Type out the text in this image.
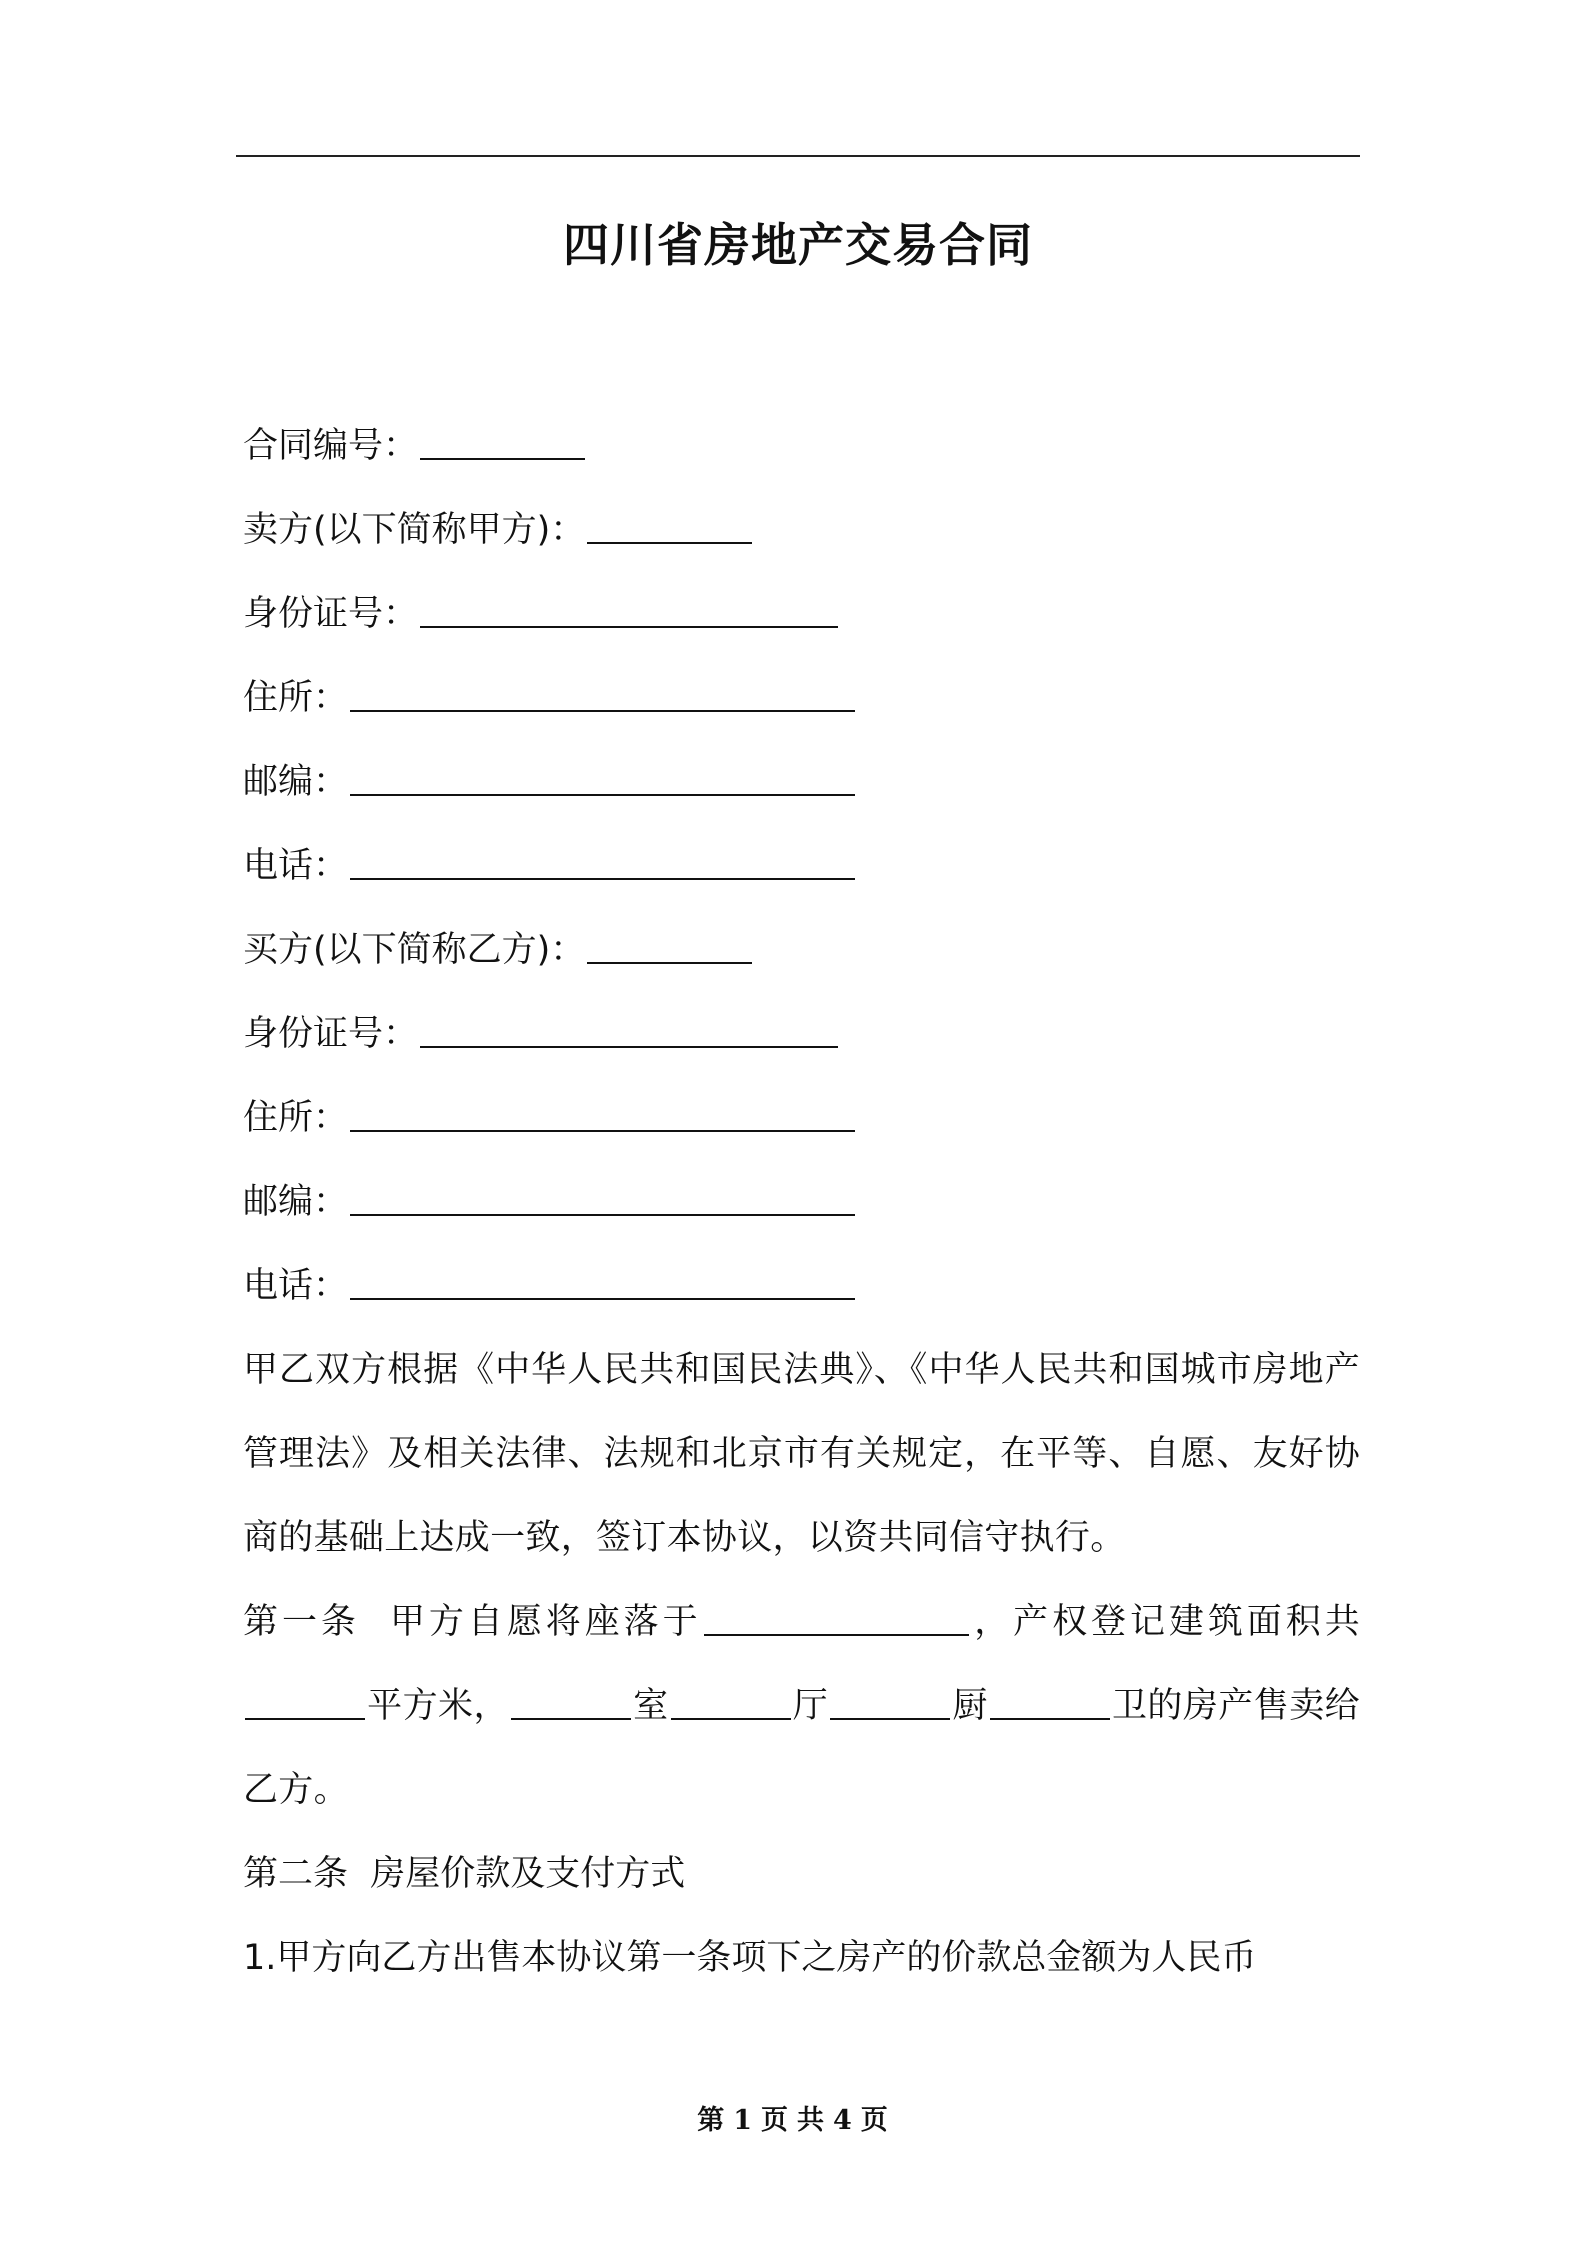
四川省房地产交易合同
合同编号：
卖方(以下简称甲方)：
身份证号：
住所：
邮编：
电话：
买方(以下简称乙方)：
身份证号：
住所：
邮编：
电话：
甲乙双方根据《中华人民共和国民法典》、《中华人民共和国城市房地产管理法》及相关法律、法规和北京市有关规定，在平等、自愿、友好协商的基础上达成一致，签订本协议，以资共同信守执行。
第一条 甲方自愿将座落于	，产权登记建筑面积共平方米，	室	厅	厨	卫的房产售卖给乙方。
第二条 房屋价款及支付方式
1.甲方向乙方出售本协议第一条项下之房产的价款总金额为人民币
第 1 页 共 4 页
